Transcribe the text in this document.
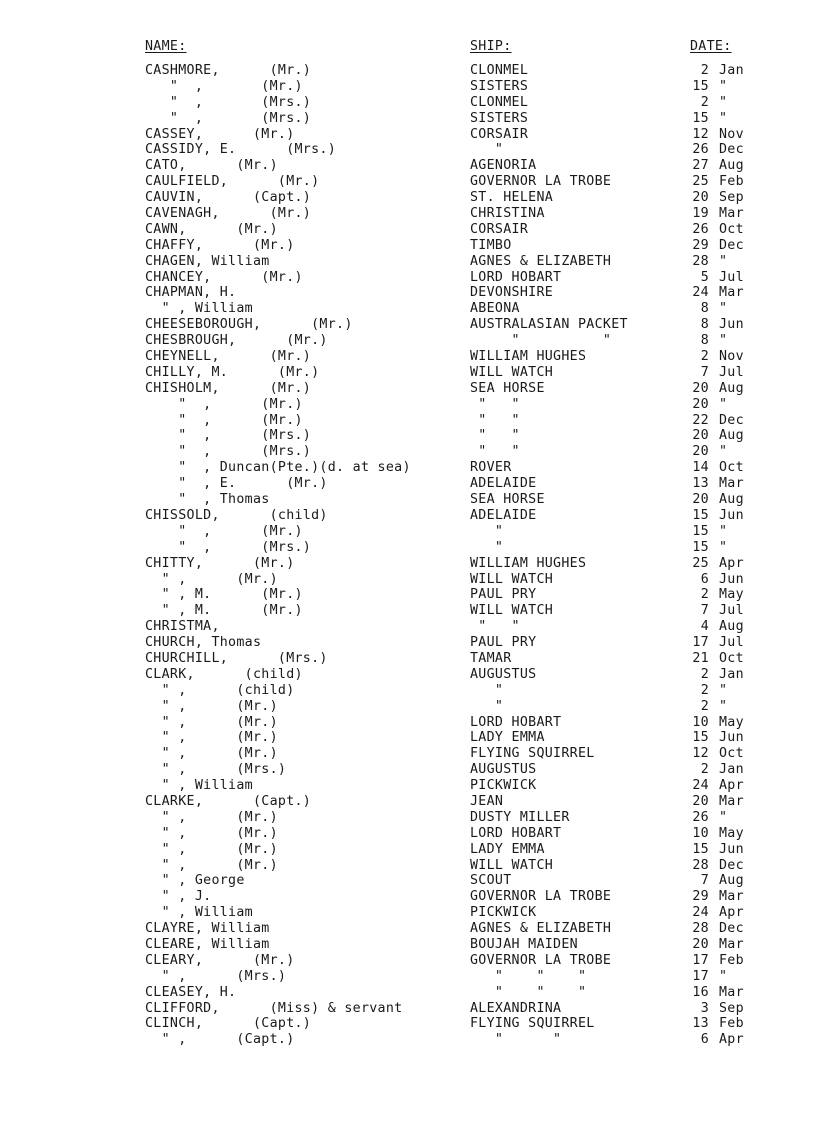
NAME:	SHIP:	DATE:
CASHMORE,      (Mr.)	CLONMEL	2 Jan
"  ,       (Mr.)	SISTERS	15 "
"  ,       (Mrs.)	CLONMEL	2 "
"  ,       (Mrs.)	SISTERS	15 "
CASSEY,      (Mr.)	CORSAIR	12 Nov
CASSIDY, E.      (Mrs.)	"	26 Dec
CATO,      (Mr.)	AGENORIA	27 Aug
CAULFIELD,      (Mr.)	GOVERNOR LA TROBE	25 Feb
CAUVIN,      (Capt.)	ST. HELENA	20 Sep
CAVENAGH,      (Mr.)	CHRISTINA	19 Mar
CAWN,      (Mr.)	CORSAIR	26 Oct
CHAFFY,      (Mr.)	TIMBO	29 Dec
CHAGEN, William	AGNES & ELIZABETH	28 "
CHANCEY,      (Mr.)	LORD HOBART	5 Jul
CHAPMAN, H.	DEVONSHIRE	24 Mar
" , William	ABEONA	8 "
CHEESEBOROUGH,      (Mr.)	AUSTRALASIAN PACKET	8 Jun
CHESBROUGH,      (Mr.)	"          "	8 "
CHEYNELL,      (Mr.)	WILLIAM HUGHES	2 Nov
CHILLY, M.      (Mr.)	WILL WATCH	7 Jul
CHISHOLM,      (Mr.)	SEA HORSE	20 Aug
"  ,      (Mr.)	"   "	20 "
"  ,      (Mr.)	"   "	22 Dec
"  ,      (Mrs.)	"   "	20 Aug
"  ,      (Mrs.)	"   "	20 "
"  , Duncan(Pte.)(d. at sea)	ROVER	14 Oct
"  , E.      (Mr.)	ADELAIDE	13 Mar
"  , Thomas	SEA HORSE	20 Aug
CHISSOLD,      (child)	ADELAIDE	15 Jun
"  ,      (Mr.)	"	15 "
"  ,      (Mrs.)	"	15 "
CHITTY,      (Mr.)	WILLIAM HUGHES	25 Apr
" ,      (Mr.)	WILL WATCH	6 Jun
" , M.      (Mr.)	PAUL PRY	2 May
" , M.      (Mr.)	WILL WATCH	7 Jul
CHRISTMA,	"   "	4 Aug
CHURCH, Thomas	PAUL PRY	17 Jul
CHURCHILL,      (Mrs.)	TAMAR	21 Oct
CLARK,      (child)	AUGUSTUS	2 Jan
" ,      (child)	"	2 "
" ,      (Mr.)	"	2 "
" ,      (Mr.)	LORD HOBART	10 May
" ,      (Mr.)	LADY EMMA	15 Jun
" ,      (Mr.)	FLYING SQUIRREL	12 Oct
" ,      (Mrs.)	AUGUSTUS	2 Jan
" , William	PICKWICK	24 Apr
CLARKE,      (Capt.)	JEAN	20 Mar
" ,      (Mr.)	DUSTY MILLER	26 "
" ,      (Mr.)	LORD HOBART	10 May
" ,      (Mr.)	LADY EMMA	15 Jun
" ,      (Mr.)	WILL WATCH	28 Dec
" , George	SCOUT	7 Aug
" , J.	GOVERNOR LA TROBE	29 Mar
" , William	PICKWICK	24 Apr
CLAYRE, William	AGNES & ELIZABETH	28 Dec
CLEARE, William	BOUJAH MAIDEN	20 Mar
CLEARY,      (Mr.)	GOVERNOR LA TROBE	17 Feb
" ,      (Mrs.)	"    "    "	17 "
CLEASEY, H.	"    "    "	16 Mar
CLIFFORD,      (Miss) & servant	ALEXANDRINA	3 Sep
CLINCH,      (Capt.)	FLYING SQUIRREL	13 Feb
" ,      (Capt.)	"      "	6 Apr
